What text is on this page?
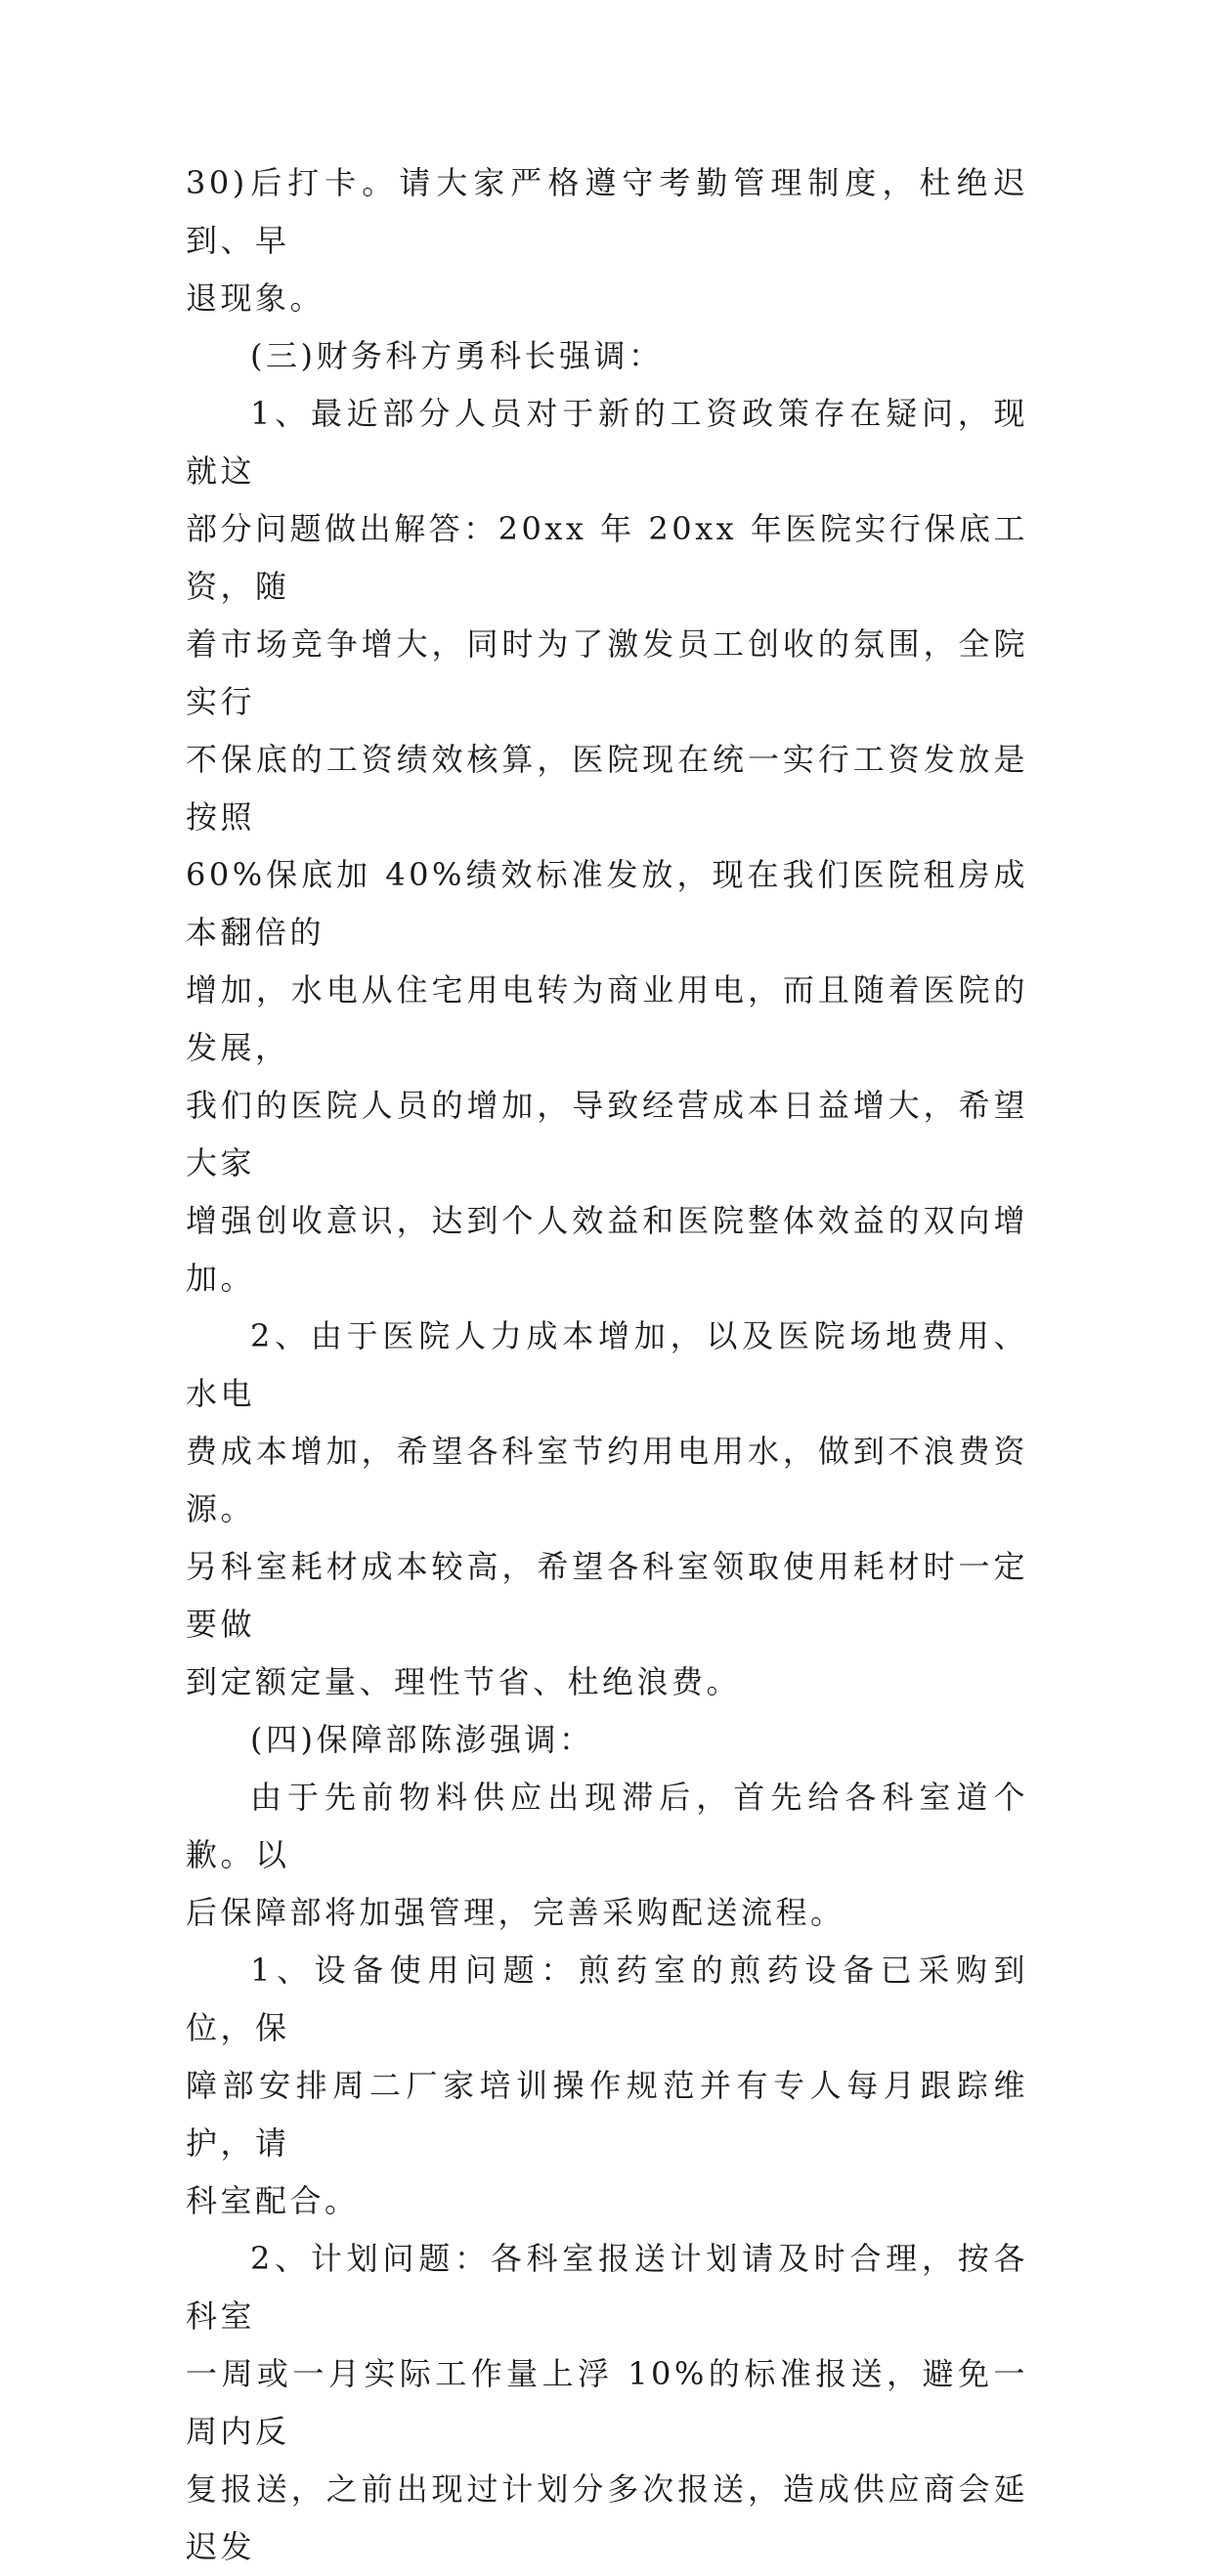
30)后打卡。请大家严格遵守考勤管理制度，杜绝迟到、早
退现象。

(三)财务科方勇科长强调：

1、最近部分人员对于新的工资政策存在疑问，现就这
部分问题做出解答：20xx 年 20xx 年医院实行保底工资，随
着市场竞争增大，同时为了激发员工创收的氛围，全院实行
不保底的工资绩效核算，医院现在统一实行工资发放是按照
60%保底加 40%绩效标准发放，现在我们医院租房成本翻倍的
增加，水电从住宅用电转为商业用电，而且随着医院的发展，
我们的医院人员的增加，导致经营成本日益增大，希望大家
增强创收意识，达到个人效益和医院整体效益的双向增加。

2、由于医院人力成本增加，以及医院场地费用、水电
费成本增加，希望各科室节约用电用水，做到不浪费资源。
另科室耗材成本较高，希望各科室领取使用耗材时一定要做
到定额定量、理性节省、杜绝浪费。

(四)保障部陈澎强调：

由于先前物料供应出现滞后，首先给各科室道个歉。以
后保障部将加强管理，完善采购配送流程。

1、设备使用问题：煎药室的煎药设备已采购到位，保
障部安排周二厂家培训操作规范并有专人每月跟踪维护，请
科室配合。

2、计划问题：各科室报送计划请及时合理，按各科室
一周或一月实际工作量上浮 10%的标准报送，避免一周内反
复报送，之前出现过计划分多次报送，造成供应商会延迟发
